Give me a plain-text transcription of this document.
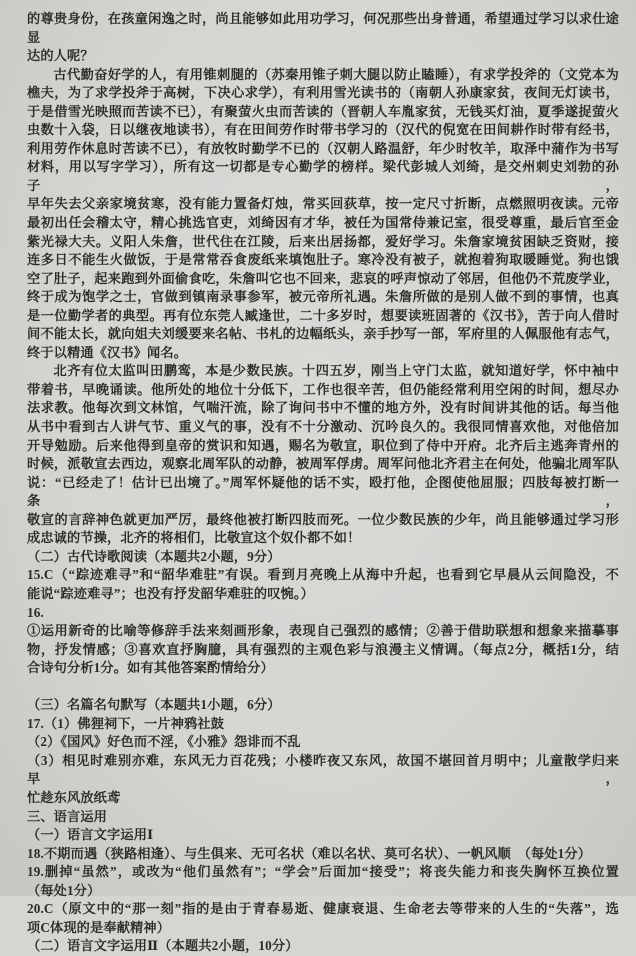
的尊贵身份，在孩童闲逸之时，尚且能够如此用功学习，何况那些出身普通，希望通过学习以求仕途显
达的人呢？
古代勤奋好学的人，有用锥刺腿的（苏秦用锥子刺大腿以防止瞌睡），有求学投斧的（文党本为
樵夫，为了求学投斧于高树，下决心求学），有利用雪光读书的（南朝人孙康家贫，夜间无灯读书，
于是借雪光映照而苦读不已），有聚萤火虫而苦读的（晋朝人车胤家贫，无钱买灯油，夏季遂捉萤火
虫数十入袋，日以继夜地读书），有在田间劳作时带书学习的（汉代的倪宽在田间耕作时带有经书，
利用劳作休息时苦读不已），有放牧时勤学不已的（汉朝人路温舒，年少时牧羊，取泽中蒲作为书写
材料，用以写字学习），所有这一切都是专心勤学的榜样。梁代彭城人刘绮，是交州刺史刘勃的孙子，
早年失去父亲家境贫寒，没有能力置备灯烛，常买回荻草，按一定尺寸折断，点燃照明夜读。元帝
最初出任会稽太守，精心挑选官吏，刘绮因有才华，被任为国常侍兼记室，很受尊重，最后官至金
紫光禄大夫。义阳人朱詹，世代住在江陵，后来出居扬都，爱好学习。朱詹家境贫困缺乏资财，接
连多日不能生火做饭，于是常常吞食废纸来填饱肚子。寒冷没有被子，就抱着狗取暖睡觉。狗也饿
空了肚子，起来跑到外面偷食吃，朱詹叫它也不回来，悲哀的呼声惊动了邻居，但他仍不荒废学业，
终于成为饱学之士，官做到镇南录事参军，被元帝所礼遇。朱詹所做的是别人做不到的事情，也真
是一位勤学者的典型。再有位东莞人臧逢世，二十多岁时，想要读班固著的《汉书》，苦于向人借时
间不能太长，就向姐夫刘缓要来名帖、书札的边幅纸头，亲手抄写一部，军府里的人佩服他有志气，
终于以精通《汉书》闻名。
北齐有位太监叫田鹏鸾，本是少数民族。十四五岁，刚当上守门太监，就知道好学，怀中袖中
带着书，早晚诵读。他所处的地位十分低下，工作也很辛苦，但仍能经常利用空闲的时间，想尽办
法求教。他每次到文林馆，气喘汗流，除了询问书中不懂的地方外，没有时间讲其他的话。每当他
从书中看到古人讲气节、重义气的事，没有不十分激动、沉吟良久的。我很同情喜欢他，对他倍加
开导勉励。后来他得到皇帝的赏识和知遇，赐名为敬宣，职位到了侍中开府。北齐后主逃奔青州的
时候，派敬宣去西边，观察北周军队的动静，被周军俘虏。周军问他北齐君主在何处，他骗北周军队
说：“已经走了！估计已出境了。”周军怀疑他的话不实，殴打他，企图使他屈服；四肢每被打断一条，
敬宣的言辞神色就更加严厉，最终他被打断四肢而死。一位少数民族的少年，尚且能够通过学习形
成忠诚的节操，北齐的将相们，比敬宣这个奴仆都不如！
（二）古代诗歌阅读（本题共2小题，9分）
15.C（“踪迹难寻”和“韶华难驻”有误。看到月亮晚上从海中升起，也看到它早晨从云间隐没，不
能说“踪迹难寻”；也没有抒发韶华难驻的叹惋。）
16.
①运用新奇的比喻等修辞手法来刻画形象，表现自己强烈的感情；②善于借助联想和想象来描摹事
物，抒发情感；③喜欢直抒胸臆，具有强烈的主观色彩与浪漫主义情调。（每点2分，概括1分，结
合诗句分析1分。如有其他答案酌情给分）
（三）名篇名句默写（本题共1小题，6分）
17.（1）佛狸祠下，一片神鸦社鼓
（2）《国风》好色而不淫，《小雅》怨诽而不乱
（3）相见时难别亦难，东风无力百花残；小楼昨夜又东风，故国不堪回首月明中；儿童散学归来早，
忙趁东风放纸鸢
三、语言运用
（一）语言文字运用Ⅰ
18.不期而遇（狭路相逢）、与生俱来、无可名状（难以名状、莫可名状）、一帆风顺　（每处1分）
19.删掉“虽然”，或改为“他们虽然有”；“学会”后面加“接受”；将丧失能力和丧失胸怀互换位置
（每处1分）
20.C（原文中的“那一刻”指的是由于青春易逝、健康衰退、生命老去等带来的人生的“失落”，选
项C体现的是奉献精神）
（二）语言文字运用Ⅱ（本题共2小题，10分）
